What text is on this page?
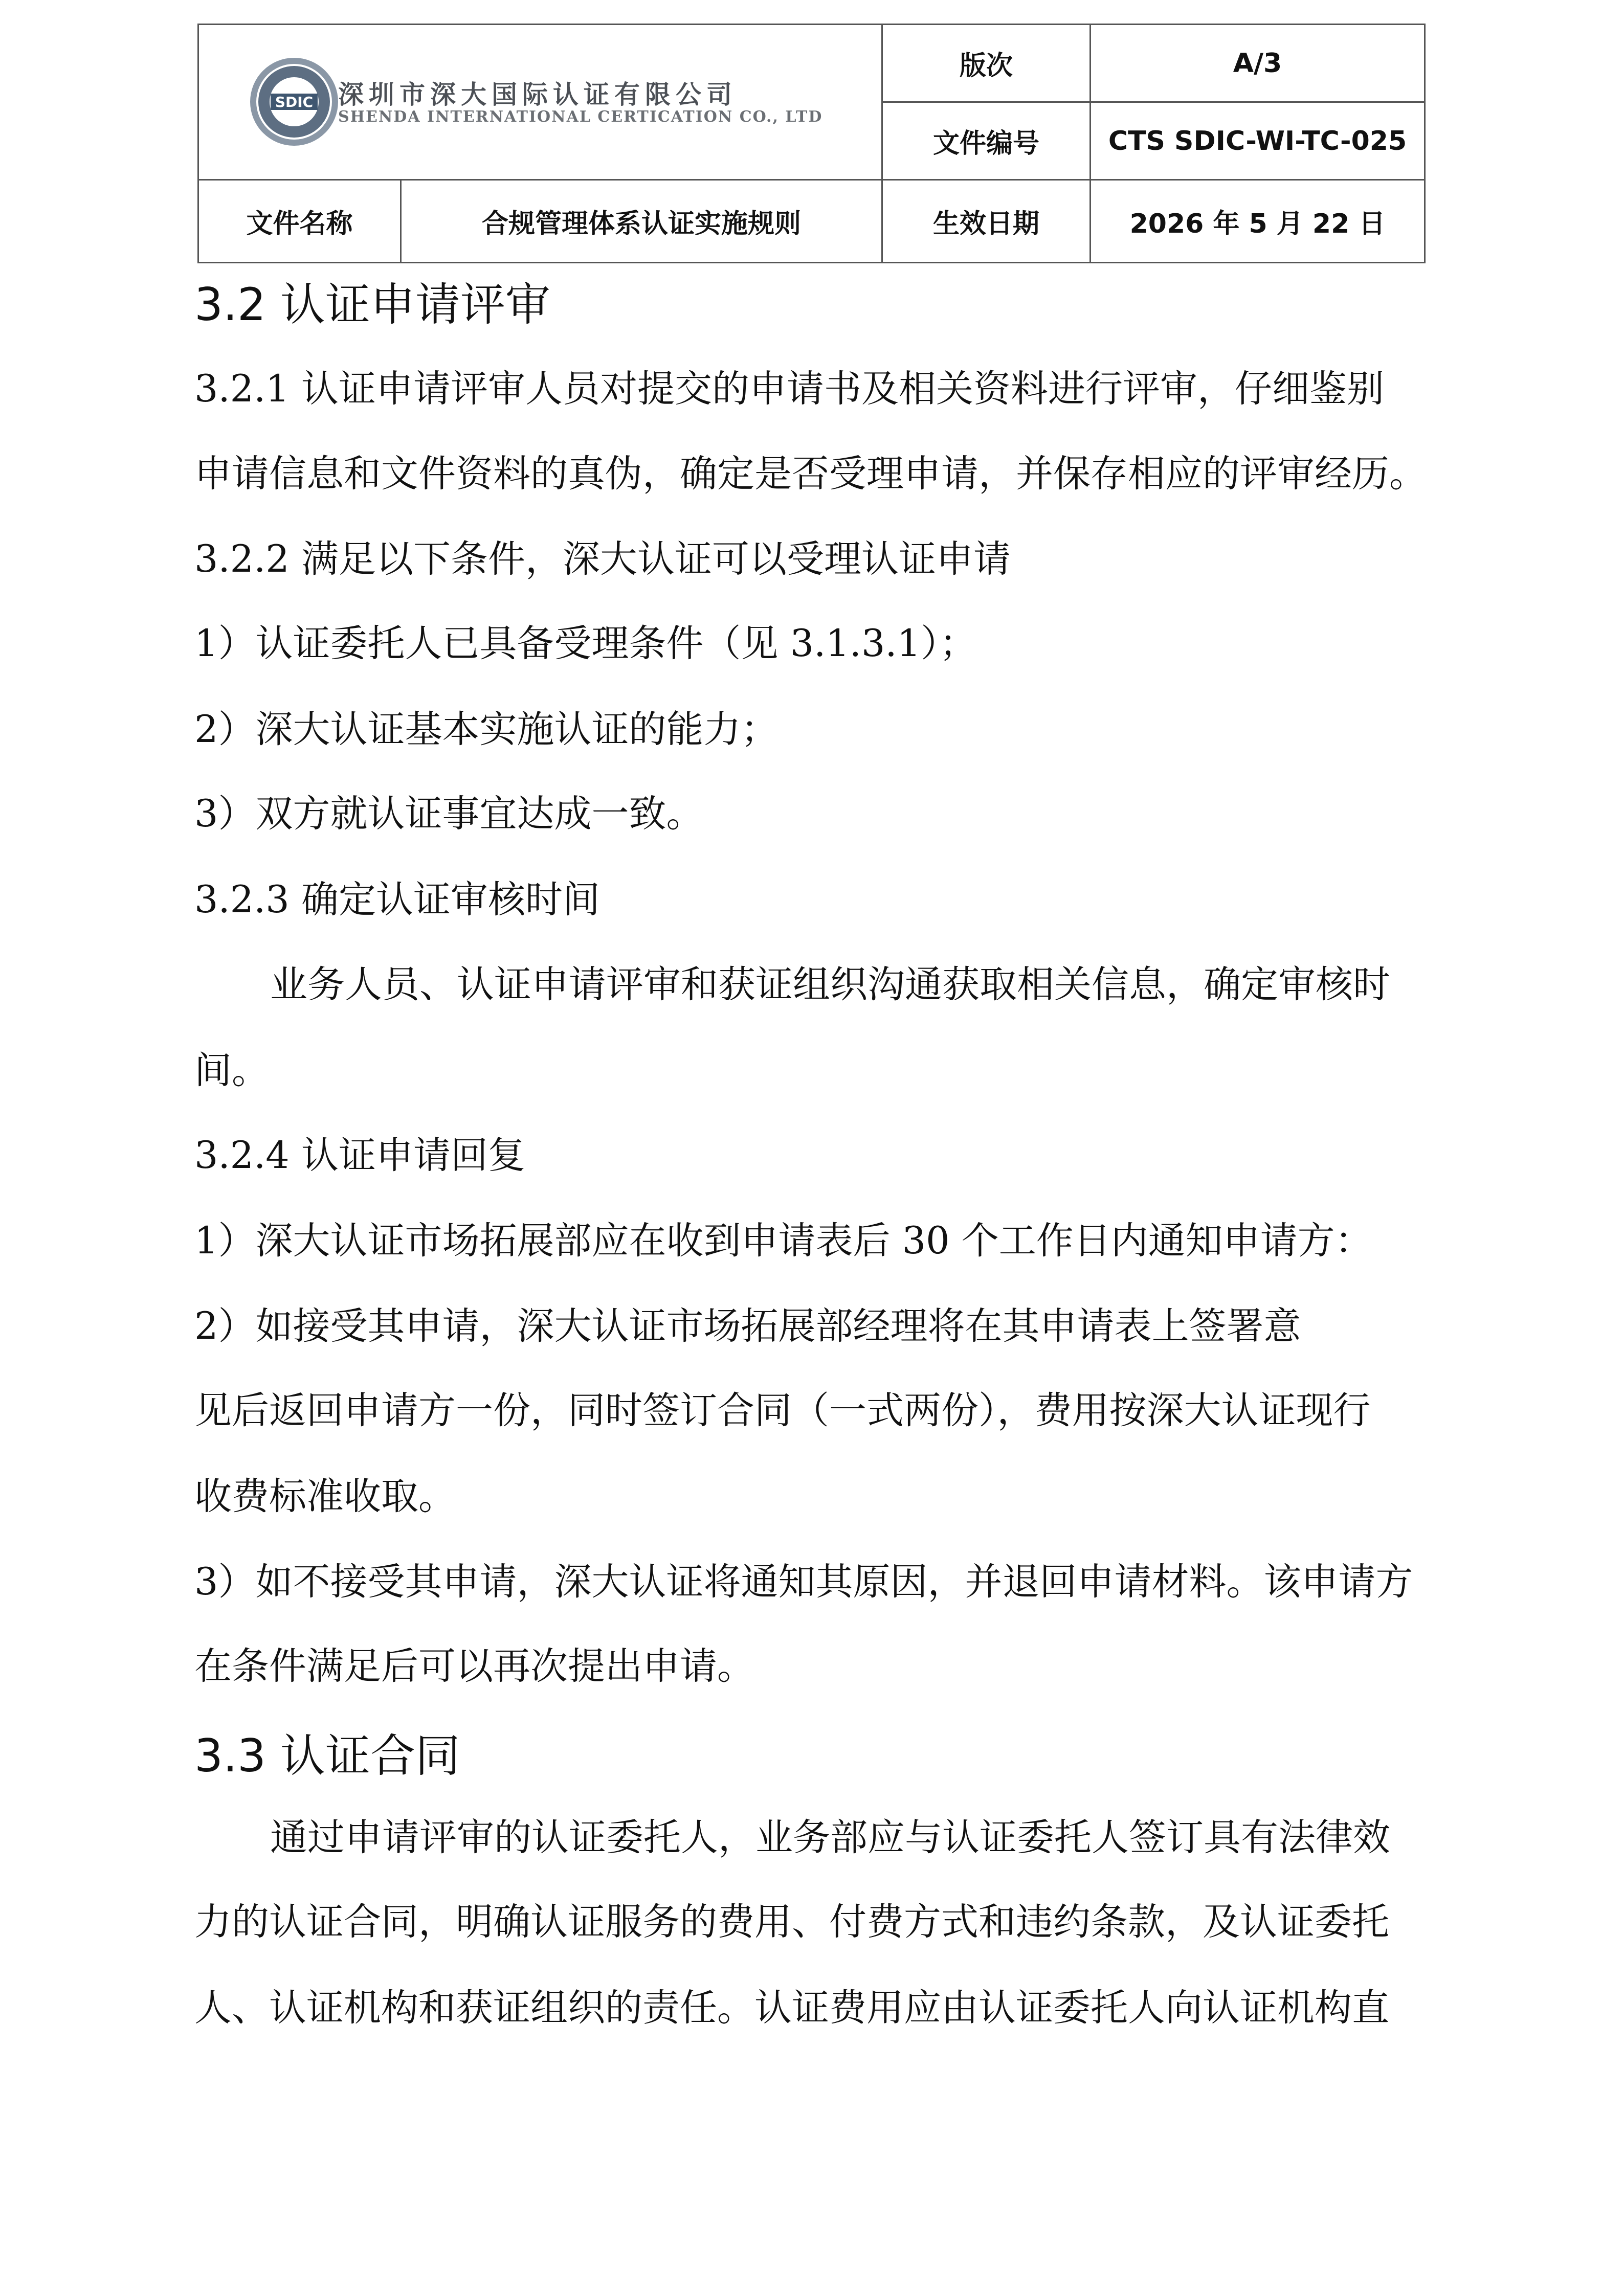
SDIC 深圳市深大国际认证有限公司
SHENDA INTERNATIONAL CERTICATION CO., LTD		版次	A/3
		文件编号	CTS SDIC-WI-TC-025
文件名称	合规管理体系认证实施规则	生效日期	2026 年 5 月 22 日
3.2 认证申请评审
3.2.1 认证申请评审人员对提交的申请书及相关资料进行评审，仔细鉴别
申请信息和文件资料的真伪，确定是否受理申请，并保存相应的评审经历。
3.2.2 满足以下条件，深大认证可以受理认证申请
1）认证委托人已具备受理条件（见 3.1.3.1）；
2）深大认证基本实施认证的能力；
3）双方就认证事宜达成一致。
3.2.3 确定认证审核时间
业务人员、认证申请评审和获证组织沟通获取相关信息，确定审核时
间。
3.2.4 认证申请回复
1）深大认证市场拓展部应在收到申请表后 30 个工作日内通知申请方：
2）如接受其申请，深大认证市场拓展部经理将在其申请表上签署意
见后返回申请方一份，同时签订合同（一式两份），费用按深大认证现行
收费标准收取。
3）如不接受其申请，深大认证将通知其原因，并退回申请材料。该申请方
在条件满足后可以再次提出申请。
3.3 认证合同
通过申请评审的认证委托人，业务部应与认证委托人签订具有法律效
力的认证合同，明确认证服务的费用、付费方式和违约条款，及认证委托
人、认证机构和获证组织的责任。认证费用应由认证委托人向认证机构直
